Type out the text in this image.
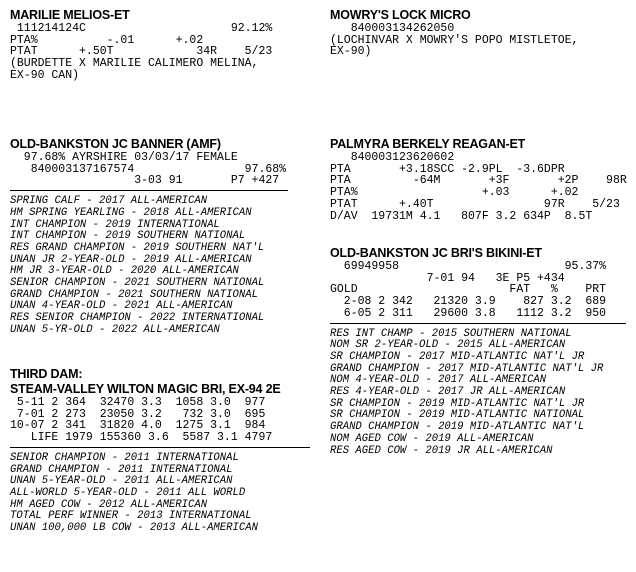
MARILIE MELIOS-ET
111214124C                     92.12%
PTA%          -.01      +.02
PTAT      +.50T            34R    5/23
(BURDETTE X MARILIE CALIMERO MELINA,
EX-90 CAN)
MOWRY'S LOCK MICRO
840003134262050
(LOCHINVAR X MOWRY'S POPO MISTLETOE,
EX-90)
OLD-BANKSTON JC BANNER (AMF)
97.68% AYRSHIRE 03/03/17 FEMALE
840003137167574                97.68%
3-03 91       P7 +427
SPRING CALF - 2017 ALL-AMERICAN
HM SPRING YEARLING - 2018 ALL-AMERICAN
INT CHAMPION - 2019 INTERNATIONAL
INT CHAMPION - 2019 SOUTHERN NATIONAL
RES GRAND CHAMPION - 2019 SOUTHERN NAT'L
UNAN JR 2-YEAR-OLD - 2019 ALL-AMERICAN
HM JR 3-YEAR-OLD - 2020 ALL-AMERICAN
SENIOR CHAMPION - 2021 SOUTHERN NATIONAL
GRAND CHAMPION - 2021 SOUTHERN NATIONAL
UNAN 4-YEAR-OLD - 2021 ALL-AMERICAN
RES SENIOR CHAMPION - 2022 INTERNATIONAL
UNAN 5-YR-OLD - 2022 ALL-AMERICAN
PALMYRA BERKELY REAGAN-ET
840003123620602
PTA       +3.18SCC -2.9PL  -3.6DPR
PTA         -64M       +3F       +2P    98R
PTA%                  +.03      +.02
PTAT      +.40T                97R    5/23
D/AV  19731M 4.1   807F 3.2 634P  8.5T
OLD-BANKSTON JC BRI'S BIKINI-ET
69949958                        95.37%
7-01 94   3E P5 +434
GOLD                      FAT   %    PRT
2-08 2 342   21320 3.9    827 3.2  689
6-05 2 311   29600 3.8   1112 3.2  950
RES INT CHAMP - 2015 SOUTHERN NATIONAL
NOM SR 2-YEAR-OLD - 2015 ALL-AMERICAN
SR CHAMPION - 2017 MID-ATLANTIC NAT'L JR
GRAND CHAMPION - 2017 MID-ATLANTIC NAT'L JR
NOM 4-YEAR-OLD - 2017 ALL-AMERICAN
RES 4-YEAR-OLD - 2017 JR ALL-AMERICAN
SR CHAMPION - 2019 MID-ATLANTIC NAT'L JR
SR CHAMPION - 2019 MID-ATLANTIC NATIONAL
GRAND CHAMPION - 2019 MID-ATLANTIC NAT'L
NOM AGED COW - 2019 ALL-AMERICAN
RES AGED COW - 2019 JR ALL-AMERICAN
THIRD DAM:
STEAM-VALLEY WILTON MAGIC BRI, EX-94 2E
5-11 2 364  32470 3.3  1058 3.0  977
7-01 2 273  23050 3.2   732 3.0  695
10-07 2 341  31820 4.0  1275 3.1  984
LIFE 1979 155360 3.6  5587 3.1 4797
SENIOR CHAMPION - 2011 INTERNATIONAL
GRAND CHAMPION - 2011 INTERNATIONAL
UNAN 5-YEAR-OLD - 2011 ALL-AMERICAN
ALL-WORLD 5-YEAR-OLD - 2011 ALL WORLD
HM AGED COW - 2012 ALL-AMERICAN
TOTAL PERF WINNER - 2013 INTERNATIONAL
UNAN 100,000 LB COW - 2013 ALL-AMERICAN
